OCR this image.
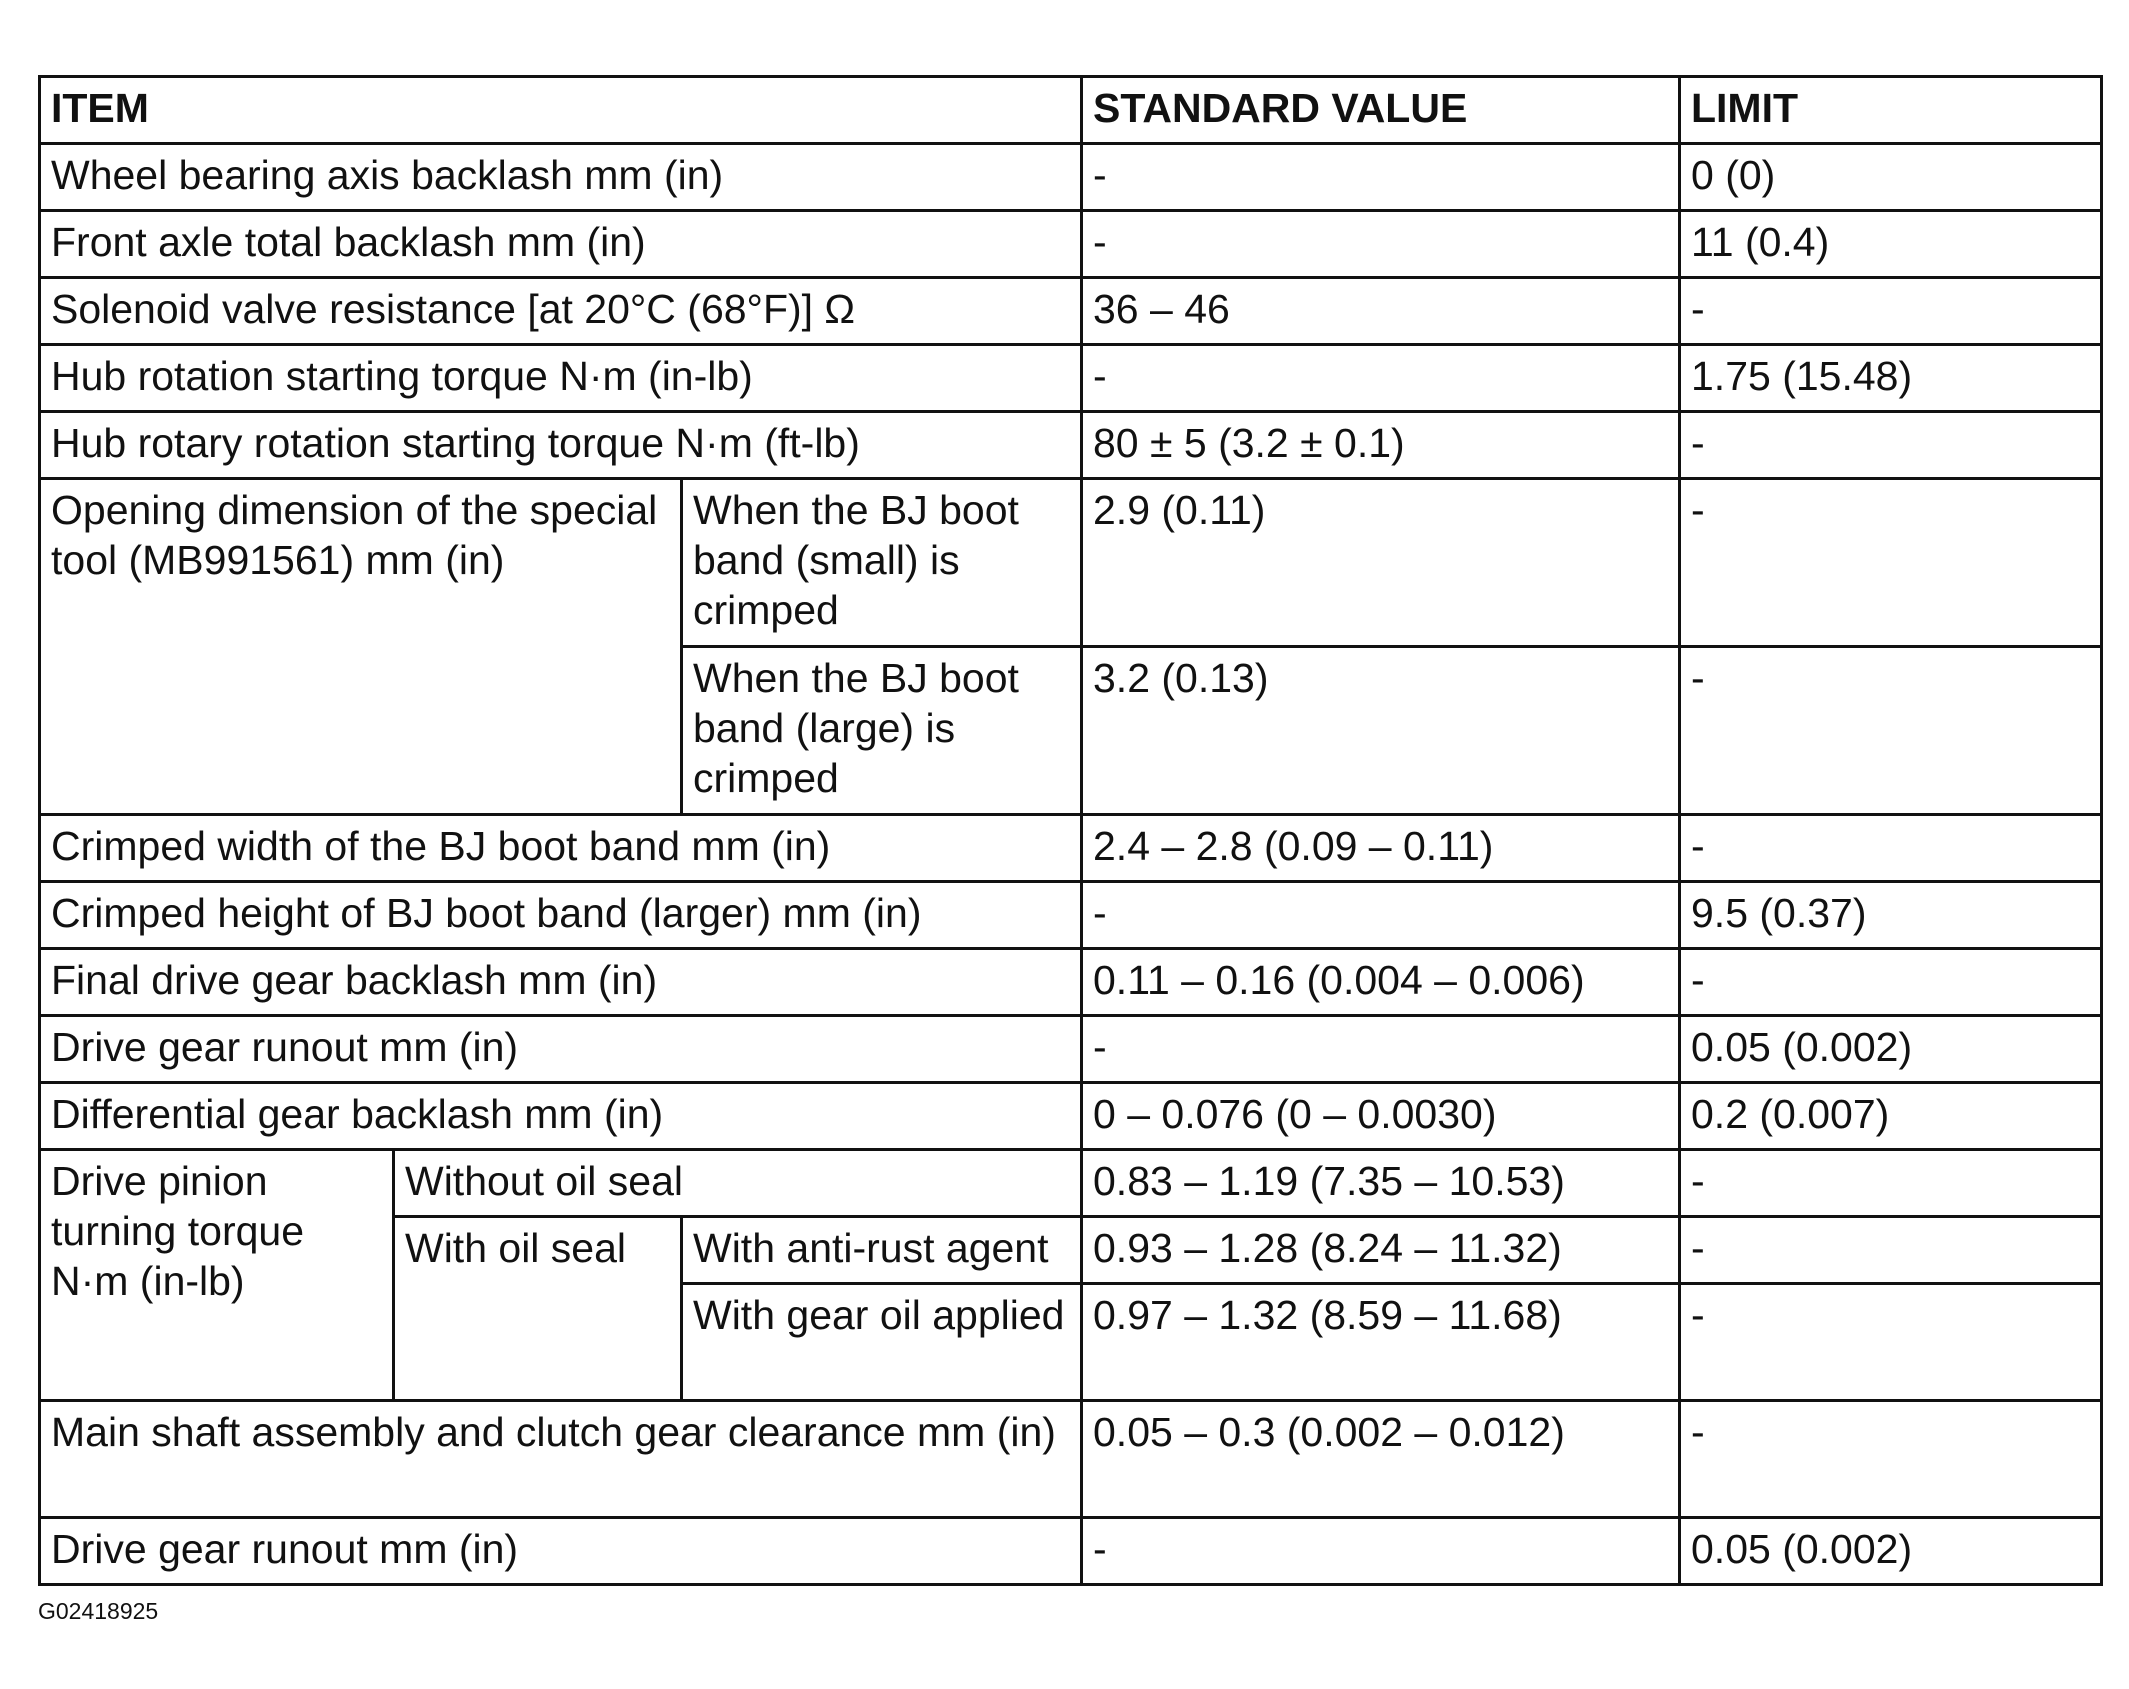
ITEM			STANDARD VALUE	LIMIT
Wheel bearing axis backlash mm (in)			-	0 (0)
Front axle total backlash mm (in)			-	11 (0.4)
Solenoid valve resistance [at 20°C (68°F)] Ω			36 – 46	-
Hub rotation starting torque N·m (in-lb)			-	1.75 (15.48)
Hub rotary rotation starting torque N·m (ft-lb)			80 ± 5 (3.2 ± 0.1)	-
Opening dimension of the special tool (MB991561) mm (in)		When the BJ boot band (small) is crimped	2.9 (0.11)	-
		When the BJ boot band (large) is crimped	3.2 (0.13)	-
Crimped width of the BJ boot band mm (in)			2.4 – 2.8 (0.09 – 0.11)	-
Crimped height of BJ boot band (larger) mm (in)			-	9.5 (0.37)
Final drive gear backlash mm (in)			0.11 – 0.16 (0.004 – 0.006)	-
Drive gear runout mm (in)			-	0.05 (0.002)
Differential gear backlash mm (in)			0 – 0.076 (0 – 0.0030)	0.2 (0.007)
Drive pinion turning torque N·m (in-lb)	Without oil seal		0.83 – 1.19 (7.35 – 10.53)	-
	With oil seal	With anti-rust agent	0.93 – 1.28 (8.24 – 11.32)	-
		With gear oil applied	0.97 – 1.32 (8.59 – 11.68)	-
Main shaft assembly and clutch gear clearance mm (in)			0.05 – 0.3 (0.002 – 0.012)	-
Drive gear runout mm (in)			-	0.05 (0.002)
G02418925
